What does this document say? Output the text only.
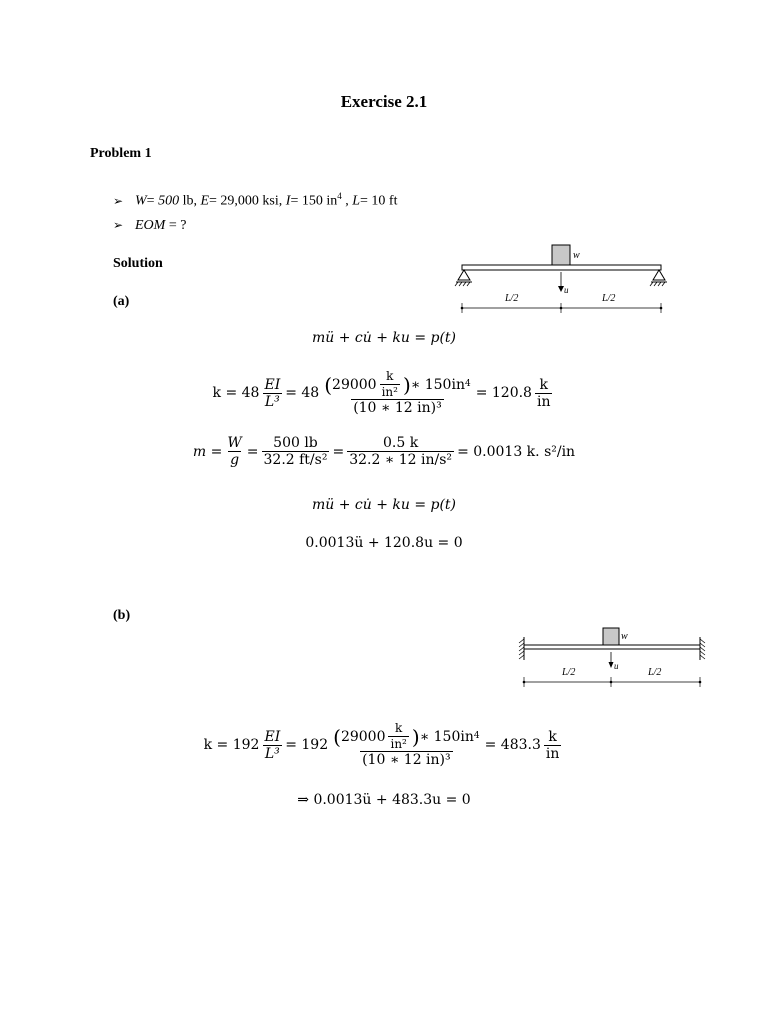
Exercise 2.1
Problem 1
➢ W= 500 lb, E= 29,000 ksi, I= 150 $in^4$ , L= 10 ft
➢ EOM = ?
Solution
(a)
w
u
L/2	L/2
mü + cu̇ + ku = p(t)
$k = 48 \frac{EI}{\text{L³}} = 48 \frac{( 29000 \frac{k}{\text{in²}} ) ∗ 150in 4}{\text{(10 ∗ 12 in)³}} = 120.8 \frac{k}{in}$
$m = \frac{W}{g} = \frac{500 lb}{\text{32.2 ft/s²}} = \frac{0.5 k}{\text{32.2 ∗ 12 in/s²}} = 0.0013$ k. s²/in
mü + cu̇ + ku = p(t)
0.0013ü + 120.8u = 0
(b)
w
u
L/2	L/2
$k = 192 \frac{EI}{\text{L³}} = 192 \frac{( 29000 \frac{k}{\text{in²}} ) ∗ 150in 4}{\text{(10 ∗ 12 in)³}} = 483.3 \frac{k}{in}$
⇒ 0.0013ü + 483.3u = 0
